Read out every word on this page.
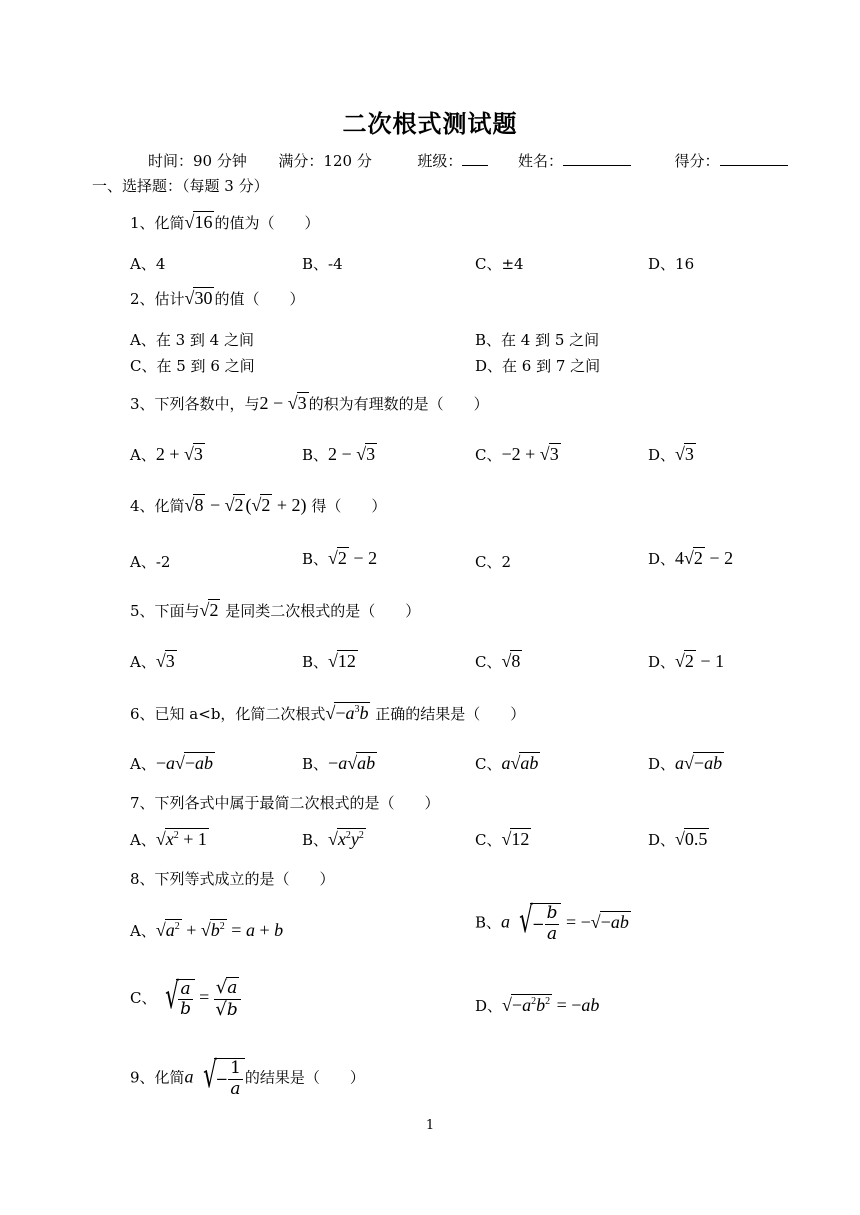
二次根式测试题
时间：90 分钟 满分：120 分	班级：	姓名：	得分：
一、选择题：（每题 3 分）
1、化简√16 的值为（　　）
A、4	B、-4	C、±4	D、16
2、估计√30 的值（　　）
A、在 3 到 4 之间	B、在 4 到 5 之间
C、在 5 到 6 之间	D、在 6 到 7 之间
3、下列各数中，与2 − √3 的积为有理数的是（　　）
A、2 + √3	B、2 − √3	C、−2 + √3	D、√3
4、化简√8 − √2 (√2 + 2) 得（　　）
A、-2	B、√2 − 2	C、2	D、4√2 − 2
5、下面与√2 是同类二次根式的是（　　）
A、√3	B、√12	C、√8	D、√2 − 1
6、已知 a<b，化简二次根式$√-a^3b$ 正确的结果是（　　）
A、−a√−ab	B、−a√ab	C、a√ab	D、a√−ab
7、下列各式中属于最简二次根式的是（　　）
A、$√x^2 + 1$	B、$√x^2y^2$	C、√12	D、√0.5
8、下列等式成立的是（　　）
A、$√a^2 + √b^2 = a + b$	B、a √ − $\frac{b}{a} = -√-ab$
C、 √ $\frac{a}{b} = \frac{√a}{√b}$	D、$√-a^2b^2 = -ab$
9、化简a √ − $\frac{1}{a}$ 的结果是（　　）
1
